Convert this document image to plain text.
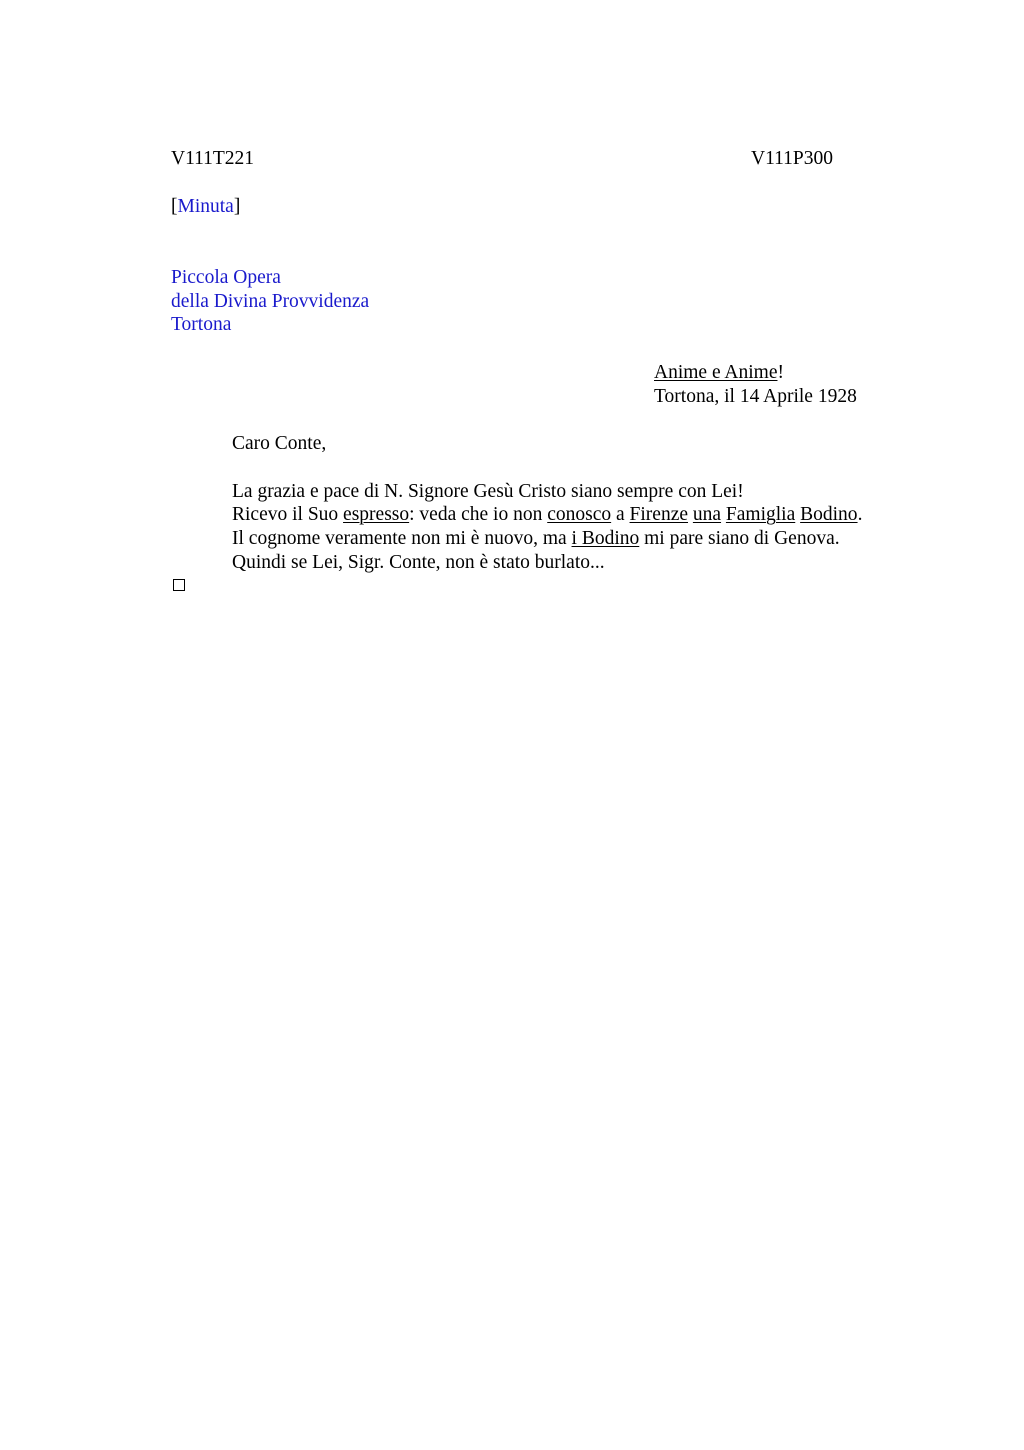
V111T221	V111P300
[Minuta]
Piccola Opera
della Divina Provvidenza
Tortona
Anime e Anime!
Tortona, il 14 Aprile 1928
Caro Conte,
La grazia e pace di N. Signore Gesù Cristo siano sempre con Lei!
Ricevo il Suo espresso: veda che io non conosco a Firenze una Famiglia Bodino.
Il cognome veramente non mi è nuovo, ma i Bodino mi pare siano di Genova.
Quindi se Lei, Sigr. Conte, non è stato burlato...
